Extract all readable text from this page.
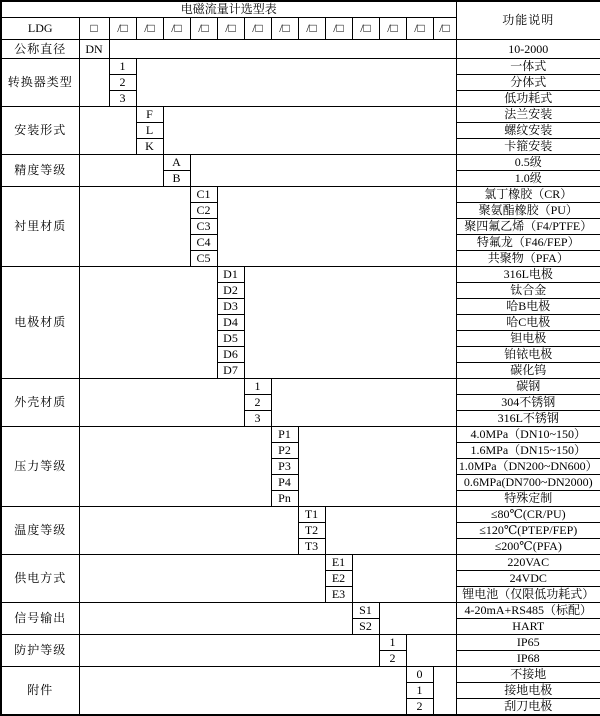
电磁流量计选型表															功能说明
LDG	□	/□	/□	/□	/□	/□	/□	/□	/□	/□	/□	/□	/□	/□	
公称直径	DN														10-2000
转换器类型		1													一体式
		2													分体式
		3													低功耗式
安装形式			F												法兰安装
			L												螺纹安装
			K												卡箍安装
精度等级				A											0.5级
				B											1.0级
衬里材质					C1										氯丁橡胶（CR）
					C2										聚氨酯橡胶（PU）
					C3										聚四氟乙烯（F4/PTFE）
					C4										特氟龙（F46/FEP）
					C5										共聚物（PFA）
电极材质						D1									316L电极
						D2									钛合金
						D3									哈B电极
						D4									哈C电极
						D5									钽电极
						D6									铂铱电极
						D7									碳化钨
外壳材质							1								碳钢
							2								304不锈钢
							3								316L不锈钢
压力等级								P1							4.0MPa（DN10~150）
								P2							1.6MPa（DN15~150）
								P3							1.0MPa（DN200~DN600）
								P4							0.6MPa(DN700~DN2000)
								Pn							特殊定制
温度等级									T1						≤80℃(CR/PU)
									T2						≤120℃(PTEP/FEP)
									T3						≤200℃(PFA)
供电方式										E1					220VAC
										E2					24VDC
										E3					锂电池（仅限低功耗式）
信号输出											S1				4-20mA+RS485（标配）
											S2				HART
防护等级												1			IP65
												2			IP68
附件													0		不接地
													1		接地电极
													2		刮刀电极
